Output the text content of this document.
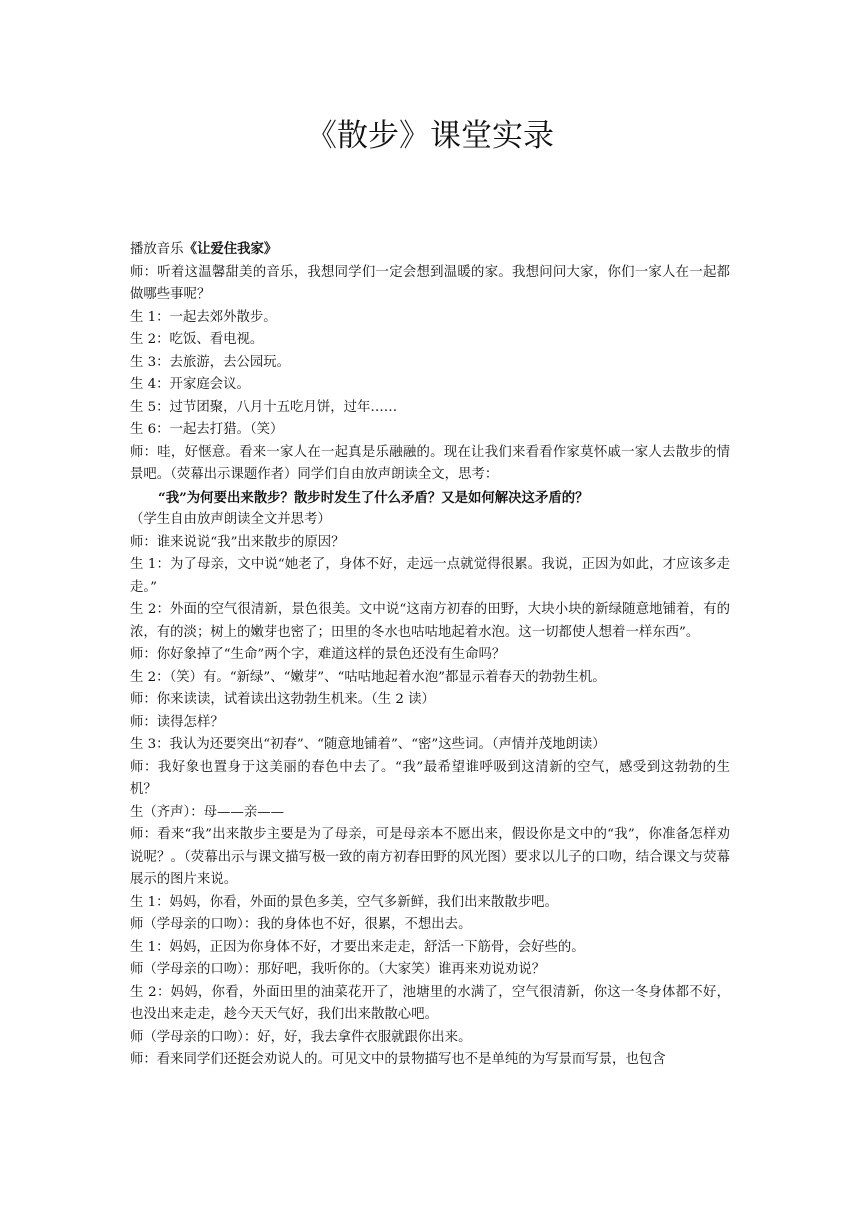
《散步》课堂实录
播放音乐《让爱住我家》
师：听着这温馨甜美的音乐，我想同学们一定会想到温暖的家。我想问问大家，你们一家人在一起都做哪些事呢？
生 1：一起去郊外散步。
生 2：吃饭、看电视。
生 3：去旅游，去公园玩。
生 4：开家庭会议。
生 5：过节团聚，八月十五吃月饼，过年……
生 6：一起去打猎。（笑）
师：哇，好惬意。看来一家人在一起真是乐融融的。现在让我们来看看作家莫怀戚一家人去散步的情景吧。（荧幕出示课题作者）同学们自由放声朗读全文，思考：
“我”为何要出来散步？散步时发生了什么矛盾？又是如何解决这矛盾的？
（学生自由放声朗读全文并思考）
师：谁来说说“我”出来散步的原因？
生 1：为了母亲，文中说“她老了，身体不好，走远一点就觉得很累。我说，正因为如此，才应该多走走。”
生 2：外面的空气很清新，景色很美。文中说“这南方初春的田野，大块小块的新绿随意地铺着，有的浓，有的淡；树上的嫩芽也密了；田里的冬水也咕咕地起着水泡。这一切都使人想着一样东西”。
师：你好象掉了“生命”两个字，难道这样的景色还没有生命吗？
生 2：（笑）有。“新绿”、“嫩芽”、“咕咕地起着水泡”都显示着春天的勃勃生机。
师：你来读读，试着读出这勃勃生机来。（生 2 读）
师：读得怎样？
生 3：我认为还要突出“初春”、“随意地铺着”、“密”这些词。（声情并茂地朗读）
师：我好象也置身于这美丽的春色中去了。“我”最希望谁呼吸到这清新的空气，感受到这勃勃的生机？
生（齐声）：母——亲——
师：看来“我”出来散步主要是为了母亲，可是母亲本不愿出来，假设你是文中的“我”，你准备怎样劝说呢？。（荧幕出示与课文描写极一致的南方初春田野的风光图）要求以儿子的口吻，结合课文与荧幕展示的图片来说。
生 1：妈妈，你看，外面的景色多美，空气多新鲜，我们出来散散步吧。
师（学母亲的口吻）：我的身体也不好，很累，不想出去。
生 1：妈妈，正因为你身体不好，才要出来走走，舒活一下筋骨，会好些的。
师（学母亲的口吻）：那好吧，我听你的。（大家笑）谁再来劝说劝说？
生 2：妈妈，你看，外面田里的油菜花开了，池塘里的水满了，空气很清新，你这一冬身体都不好，也没出来走走，趁今天天气好，我们出来散散心吧。
师（学母亲的口吻）：好，好，我去拿件衣服就跟你出来。
师：看来同学们还挺会劝说人的。可见文中的景物描写也不是单纯的为写景而写景，也包含
